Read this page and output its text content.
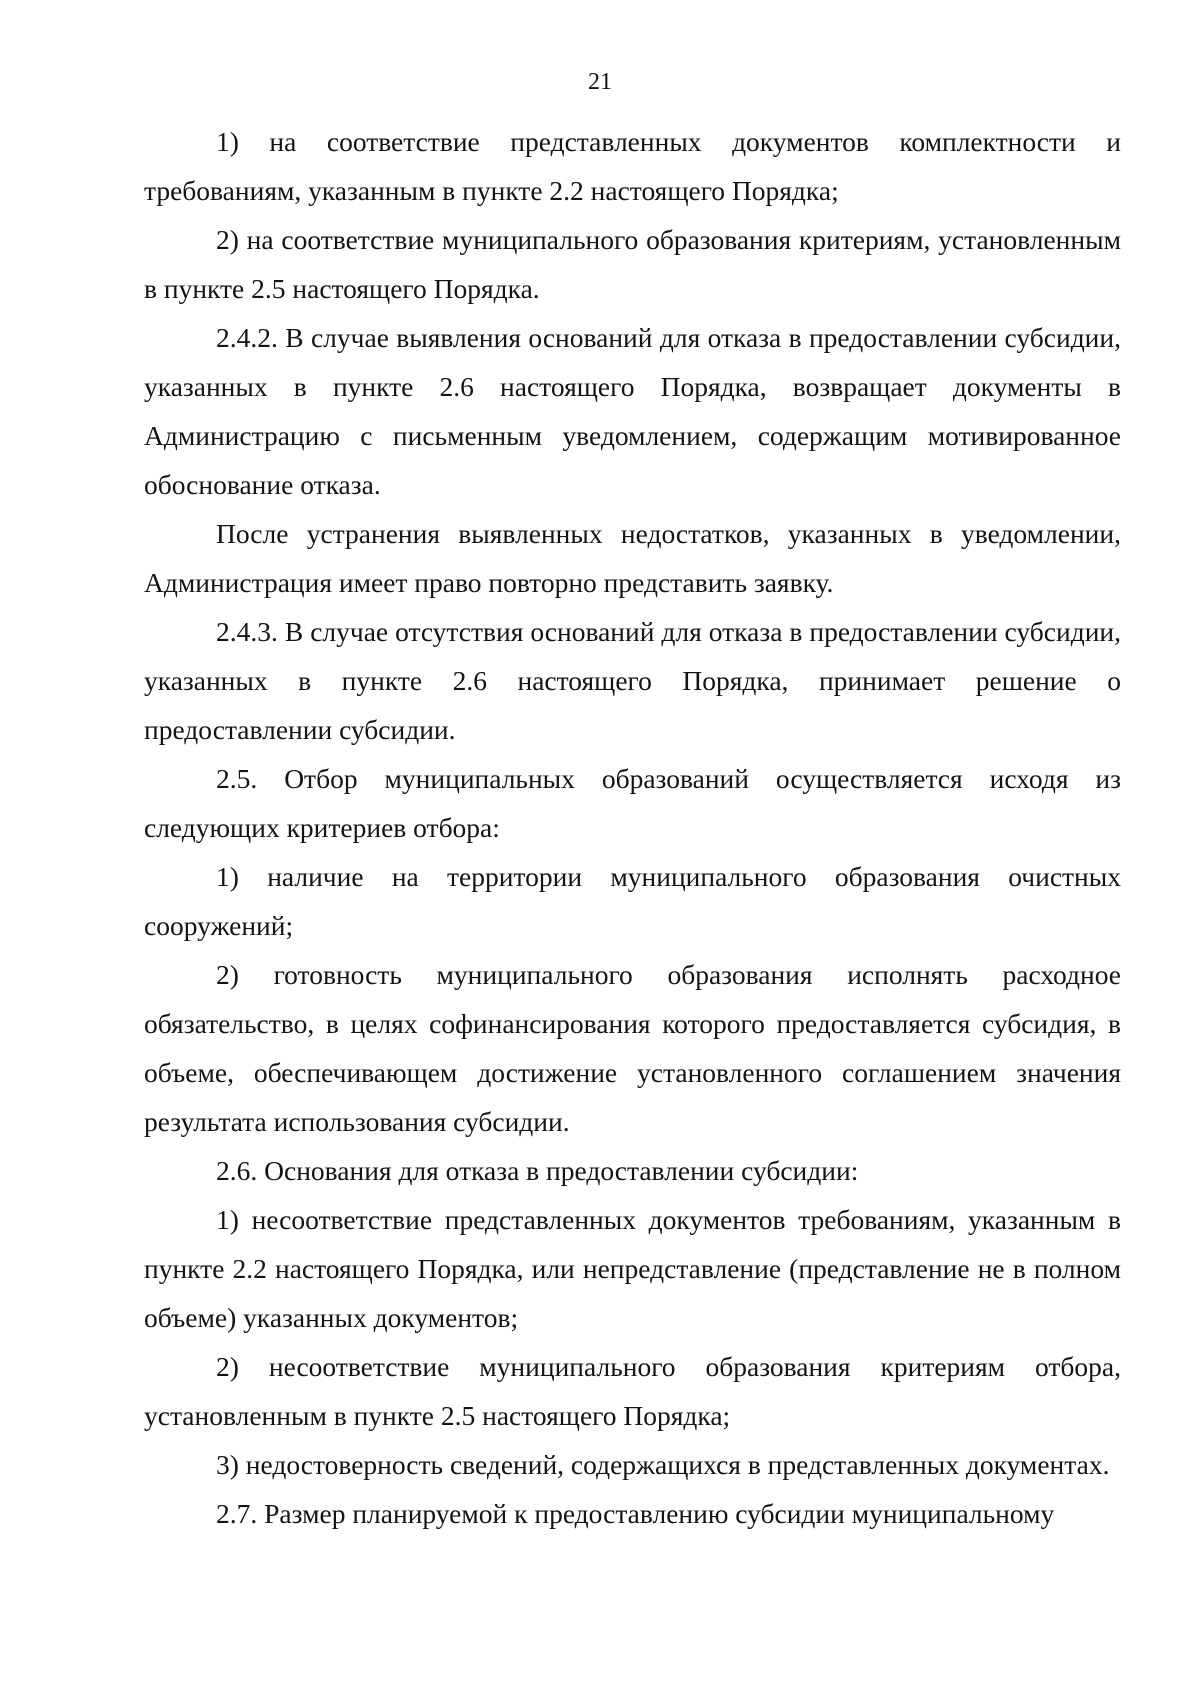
21

1) на соответствие представленных документов комплектности и требованиям, указанным в пункте 2.2 настоящего Порядка;

2) на соответствие муниципального образования критериям, установленным в пункте 2.5 настоящего Порядка.

2.4.2. В случае выявления оснований для отказа в предоставлении субсидии, указанных в пункте 2.6 настоящего Порядка, возвращает документы в Администрацию с письменным уведомлением, содержащим мотивированное обоснование отказа.

После устранения выявленных недостатков, указанных в уведомлении, Администрация имеет право повторно представить заявку.

2.4.3. В случае отсутствия оснований для отказа в предоставлении субсидии, указанных в пункте 2.6 настоящего Порядка, принимает решение о предоставлении субсидии.

2.5. Отбор муниципальных образований осуществляется исходя из следующих критериев отбора:

1) наличие на территории муниципального образования очистных сооружений;

2) готовность муниципального образования исполнять расходное обязательство, в целях софинансирования которого предоставляется субсидия, в объеме, обеспечивающем достижение установленного соглашением значения результата использования субсидии.

2.6. Основания для отказа в предоставлении субсидии:

1) несоответствие представленных документов требованиям, указанным в пункте 2.2 настоящего Порядка, или непредставление (представление не в полном объеме) указанных документов;

2) несоответствие муниципального образования критериям отбора, установленным в пункте 2.5 настоящего Порядка;

3) недостоверность сведений, содержащихся в представленных документах.

2.7. Размер планируемой к предоставлению субсидии муниципальному
